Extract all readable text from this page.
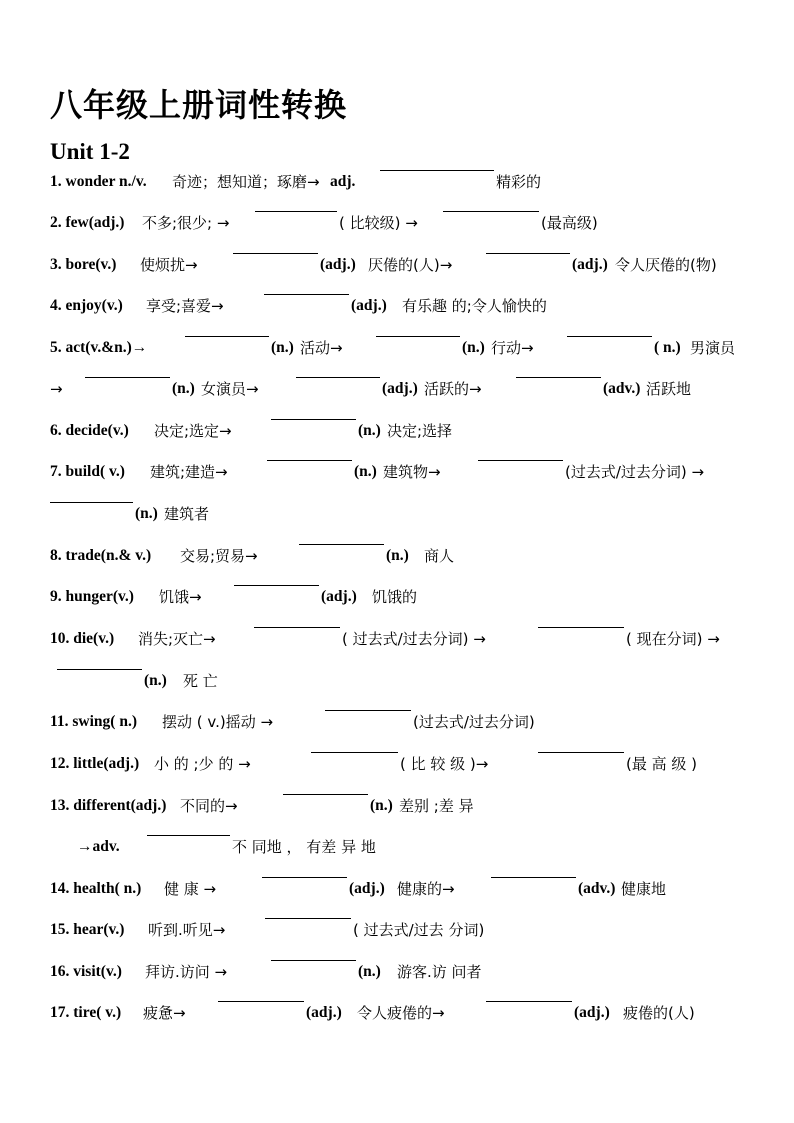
八年级上册词性转换
Unit 1-2
1. wonder n./v. 奇迹；想知道；琢磨→ adj.	精彩的
2. few(adj.) 不多;很少; →	( 比较级) →	(最高级)
3. bore(v.) 使烦扰→	(adj.) 厌倦的(人)→	(adj.) 令人厌倦的(物)
4. enjoy(v.) 享受;喜爱→	(adj.) 有乐趣 的;令人愉快的
5. act(v.&n.)→	(n.) 活动→	(n.) 行动→	( n.) 男演员
→	(n.) 女演员→	(adj.) 活跃的→	(adv.) 活跃地
6. decide(v.) 决定;选定→	(n.) 决定;选择
7. build( v.) 建筑;建造→	(n.) 建筑物→	(过去式/过去分词) →
(n.) 建筑者
8. trade(n.& v.) 交易;贸易→	(n.) 商人
9. hunger(v.) 饥饿→	(adj.) 饥饿的
10. die(v.) 消失;灭亡→	( 过去式/过去分词) →	( 现在分词) →
(n.) 死 亡
11. swing( n.) 摆动 ( v.)摇动 →	(过去式/过去分词)
12. little(adj.) 小 的 ;少 的 →	( 比 较 级 )→	(最 高 级 )
13. different(adj.) 不同的→	(n.) 差别 ;差 异
→adv.	不 同地 ， 有差 异 地
14. health( n.) 健 康 →	(adj.) 健康的→	(adv.) 健康地
15. hear(v.) 听到.听见→	( 过去式/过去 分词)
16. visit(v.) 拜访.访问 →	(n.) 游客.访 问者
17. tire( v.) 疲惫→	(adj.) 令人疲倦的→	(adj.) 疲倦的(人)
